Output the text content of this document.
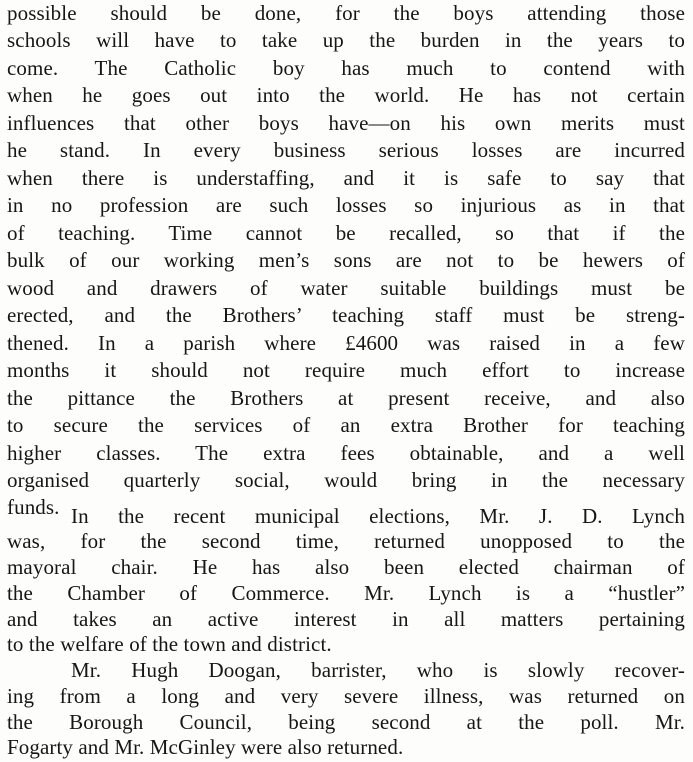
possible should be done, for the boys attending those
schools will have to take up the burden in the years to
come. The Catholic boy has much to contend with
when he goes out into the world. He has not certain
influences that other boys have—on his own merits must
he stand. In every business serious losses are incurred
when there is understaffing, and it is safe to say that
in no profession are such losses so injurious as in that
of teaching. Time cannot be recalled, so that if the
bulk of our working men’s sons are not to be hewers of
wood and drawers of water suitable buildings must be
erected, and the Brothers’ teaching staff must be streng-
thened. In a parish where £4600 was raised in a few
months it should not require much effort to increase
the pittance the Brothers at present receive, and also
to secure the services of an extra Brother for teaching
higher classes. The extra fees obtainable, and a well
organised quarterly social, would bring in the necessary
funds. In the recent municipal elections, Mr. J. D. Lynch
was, for the second time, returned unopposed to the
mayoral chair. He has also been elected chairman of
the Chamber of Commerce. Mr. Lynch is a “hustler”
and takes an active interest in all matters pertaining
to the welfare of the town and district.
Mr. Hugh Doogan, barrister, who is slowly recover-
ing from a long and very severe illness, was returned on
the Borough Council, being second at the poll. Mr.
Fogarty and Mr. McGinley were also returned.
